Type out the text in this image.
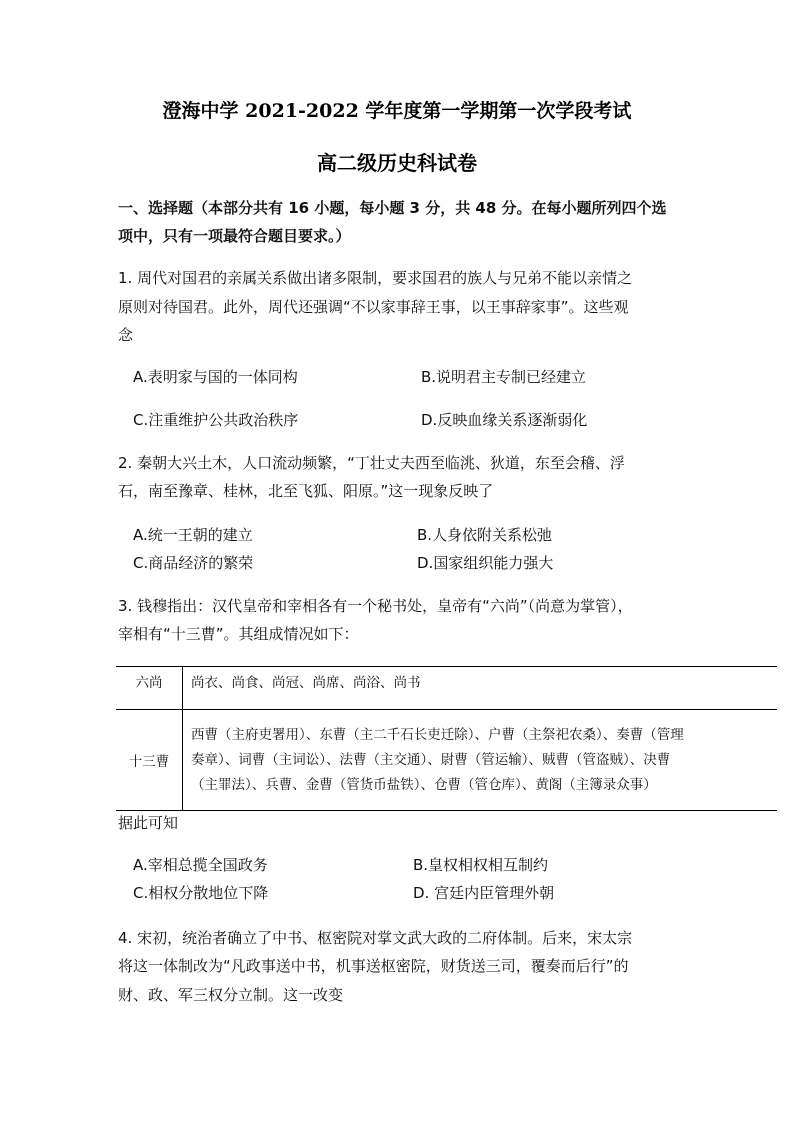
澄海中学 2021-2022 学年度第一学期第一次学段考试
高二级历史科试卷
一、选择题（本部分共有 16 小题，每小题 3 分，共 48 分。在每小题所列四个选
项中，只有一项最符合题目要求。）
1. 周代对国君的亲属关系做出诸多限制，要求国君的族人与兄弟不能以亲情之
原则对待国君。此外，周代还强调“不以家事辞王事，以王事辞家事”。这些观
念
A.表明家与国的一体同构	B.说明君主专制已经建立
C.注重维护公共政治秩序	D.反映血缘关系逐渐弱化
2. 秦朝大兴土木，人口流动频繁，“丁壮丈夫西至临洮、狄道，东至会稽、浮
石，南至豫章、桂林，北至飞狐、阳原。”这一现象反映了
A.统一王朝的建立	B.人身依附关系松弛
C.商品经济的繁荣	D.国家组织能力强大
3. 钱穆指出：汉代皇帝和宰相各有一个秘书处，皇帝有“六尚”（尚意为掌管），
宰相有“十三曹”。其组成情况如下：
六尚	尚衣、尚食、尚冠、尚席、尚浴、尚书

十三曹	西曹（主府吏署用）、东曹（主二千石长吏迁除）、户曹（主祭祀农桑）、奏曹（管理
奏章）、词曹（主词讼）、法曹（主交通）、尉曹（管运输）、贼曹（管盗贼）、决曹
（主罪法）、兵曹、金曹（管货币盐铁）、仓曹（管仓库）、黄阁（主簿录众事）
据此可知
A.宰相总揽全国政务	B.皇权相权相互制约
C.相权分散地位下降	D. 宫廷内臣管理外朝
4. 宋初，统治者确立了中书、枢密院对掌文武大政的二府体制。后来，宋太宗
将这一体制改为“凡政事送中书，机事送枢密院，财货送三司，覆奏而后行”的
财、政、军三权分立制。这一改变
